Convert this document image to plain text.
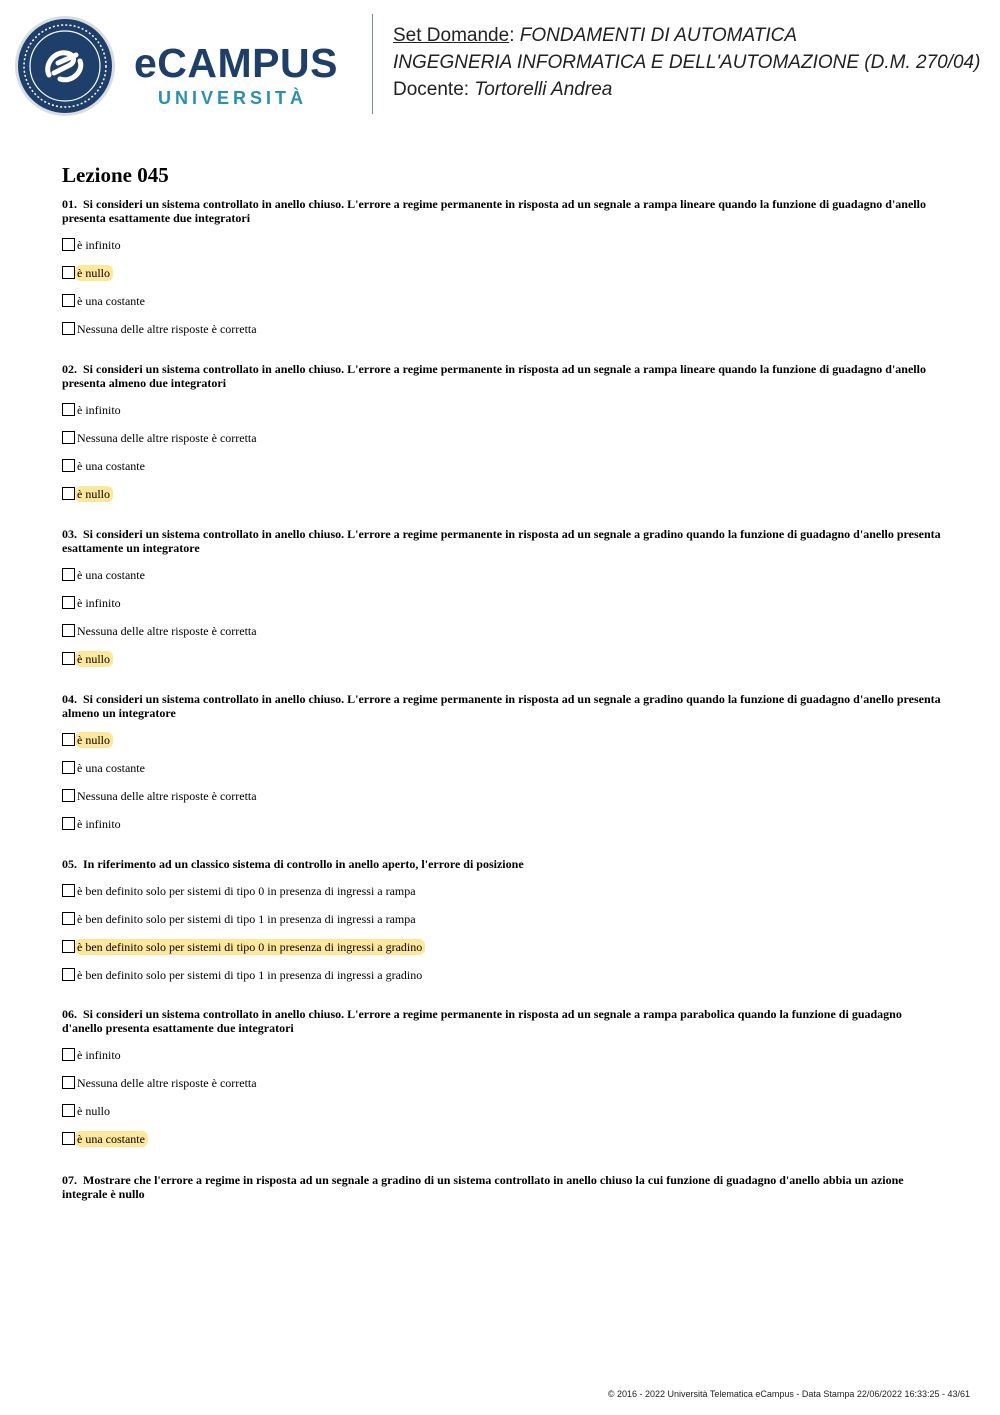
eCAMPUS
UNIVERSITÀ
Set Domande: FONDAMENTI DI AUTOMATICA
INGEGNERIA INFORMATICA E DELL'AUTOMAZIONE (D.M. 270/04)
Docente: Tortorelli Andrea
Lezione 045

01. Si consideri un sistema controllato in anello chiuso. L'errore a regime permanente in risposta ad un segnale a rampa lineare quando la funzione di guadagno d'anello presenta esattamente due integratori

è infinito
è nullo
è una costante
Nessuna delle altre risposte è corretta

02. Si consideri un sistema controllato in anello chiuso. L'errore a regime permanente in risposta ad un segnale a rampa lineare quando la funzione di guadagno d'anello presenta almeno due integratori

è infinito
Nessuna delle altre risposte è corretta
è una costante
è nullo

03. Si consideri un sistema controllato in anello chiuso. L'errore a regime permanente in risposta ad un segnale a gradino quando la funzione di guadagno d'anello presenta esattamente un integratore

è una costante
è infinito
Nessuna delle altre risposte è corretta
è nullo

04. Si consideri un sistema controllato in anello chiuso. L'errore a regime permanente in risposta ad un segnale a gradino quando la funzione di guadagno d'anello presenta almeno un integratore

è nullo
è una costante
Nessuna delle altre risposte è corretta
è infinito

05. In riferimento ad un classico sistema di controllo in anello aperto, l'errore di posizione

è ben definito solo per sistemi di tipo 0 in presenza di ingressi a rampa
è ben definito solo per sistemi di tipo 1 in presenza di ingressi a rampa
è ben definito solo per sistemi di tipo 0 in presenza di ingressi a gradino
è ben definito solo per sistemi di tipo 1 in presenza di ingressi a gradino

06. Si consideri un sistema controllato in anello chiuso. L'errore a regime permanente in risposta ad un segnale a rampa parabolica quando la funzione di guadagno d'anello presenta esattamente due integratori

è infinito
Nessuna delle altre risposte è corretta
è nullo
è una costante

07. Mostrare che l'errore a regime in risposta ad un segnale a gradino di un sistema controllato in anello chiuso la cui funzione di guadagno d'anello abbia un azione integrale è nullo

© 2016 - 2022 Università Telematica eCampus - Data Stampa 22/06/2022 16:33:25 - 43/61
